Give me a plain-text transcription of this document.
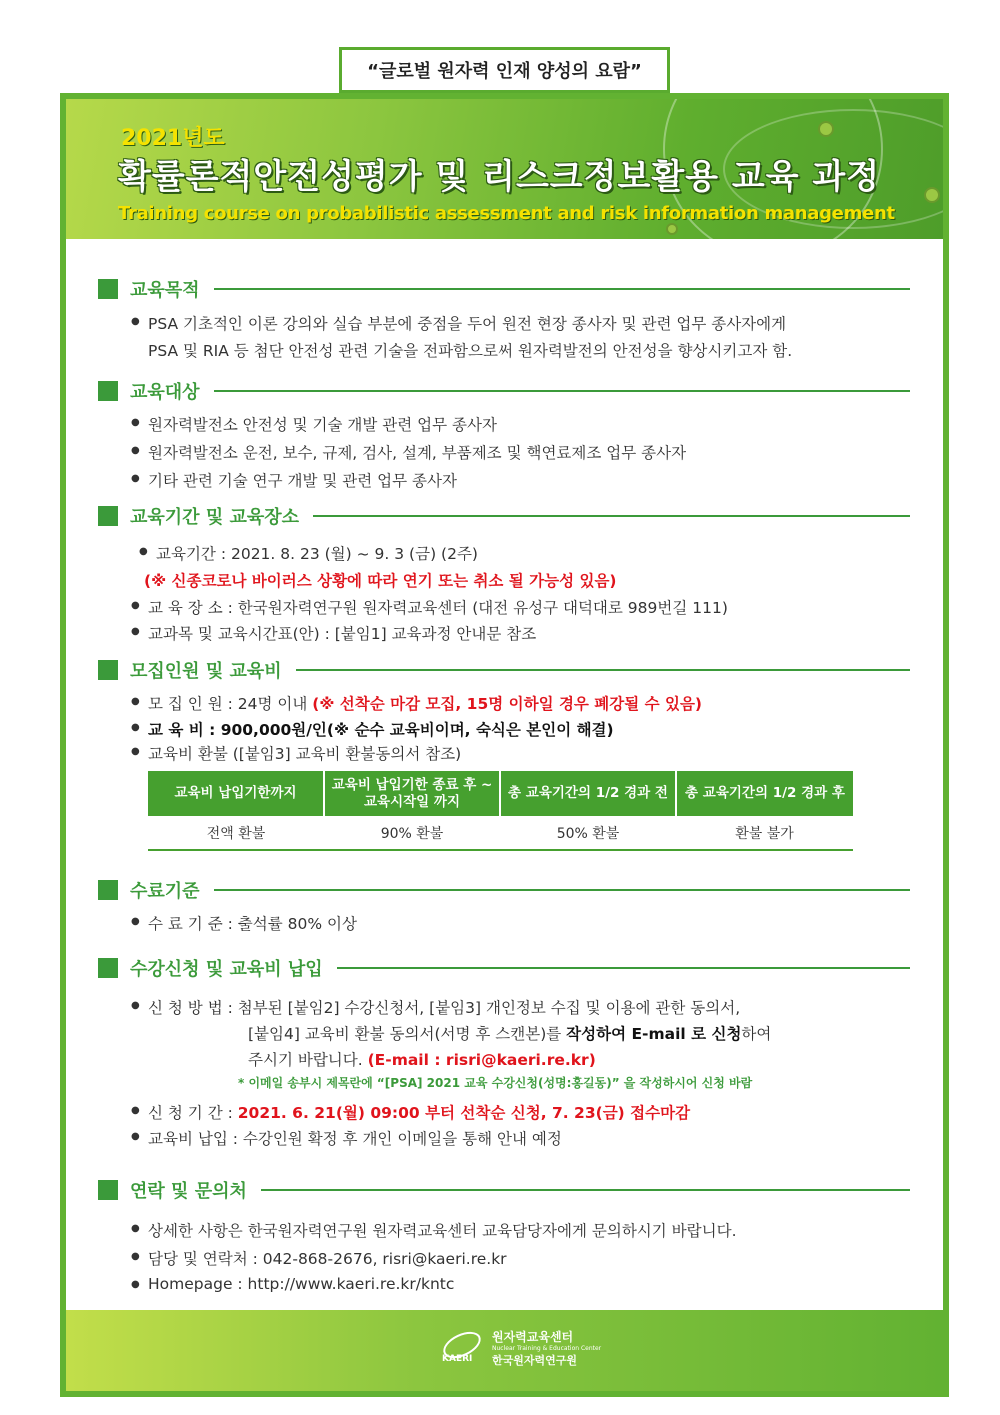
“글로벌 원자력 인재 양성의 요람”
2021년도
확률론적안전성평가 및 리스크정보활용 교육 과정
Training course on probabilistic assessment and risk information management
교육목적
● PSA 기초적인 이론 강의와 실습 부분에 중점을 두어 원전 현장 종사자 및 관련 업무 종사자에게
PSA 및 RIA 등 첨단 안전성 관련 기술을 전파함으로써 원자력발전의 안전성을 향상시키고자 함.
교육대상
● 원자력발전소 안전성 및 기술 개발 관련 업무 종사자
● 원자력발전소 운전, 보수, 규제, 검사, 설계, 부품제조 및 핵연료제조 업무 종사자
● 기타 관련 기술 연구 개발 및 관련 업무 종사자
교육기간 및 교육장소
● 교육기간 : 2021. 8. 23 (월) ~ 9. 3 (금) (2주)
(※ 신종코로나 바이러스 상황에 따라 연기 또는 취소 될 가능성 있음)
● 교 육 장 소 : 한국원자력연구원 원자력교육센터 (대전 유성구 대덕대로 989번길 111)
● 교과목 및 교육시간표(안) : [붙임1] 교육과정 안내문 참조
모집인원 및 교육비
● 모 집 인 원 : 24명 이내 (※ 선착순 마감 모집, 15명 이하일 경우 폐강될 수 있음)
● 교 육 비 : 900,000원/인(※ 순수 교육비이며, 숙식은 본인이 해결)
● 교육비 환불 ([붙임3] 교육비 환불동의서 참조)
교육비 납입기한까지	교육비 납입기한 종료 후 ~ 교육시작일 까지	총 교육기간의 1/2 경과 전	총 교육기간의 1/2 경과 후
전액 환불	90% 환불	50% 환불	환불 불가
수료기준
● 수 료 기 준 : 출석률 80% 이상
수강신청 및 교육비 납입
● 신 청 방 법 : 첨부된 [붙임2] 수강신청서, [붙임3] 개인정보 수집 및 이용에 관한 동의서,
[붙임4] 교육비 환불 동의서(서명 후 스캔본)를 작성하여 E-mail 로 신청하여
주시기 바랍니다. (E-mail : risri@kaeri.re.kr)
* 이메일 송부시 제목란에 “[PSA] 2021 교육 수강신청(성명:홍길동)” 을 작성하시어 신청 바람
● 신 청 기 간 : 2021. 6. 21(월) 09:00 부터 선착순 신청, 7. 23(금) 접수마감
● 교육비 납입 : 수강인원 확정 후 개인 이메일을 통해 안내 예정
연락 및 문의처
● 상세한 사항은 한국원자력연구원 원자력교육센터 교육담당자에게 문의하시기 바랍니다.
● 담당 및 연락처 : 042-868-2676, risri@kaeri.re.kr
● Homepage : http://www.kaeri.re.kr/kntc
KAERI
원자력교육센터
Nuclear Training & Education Center
한국원자력연구원
